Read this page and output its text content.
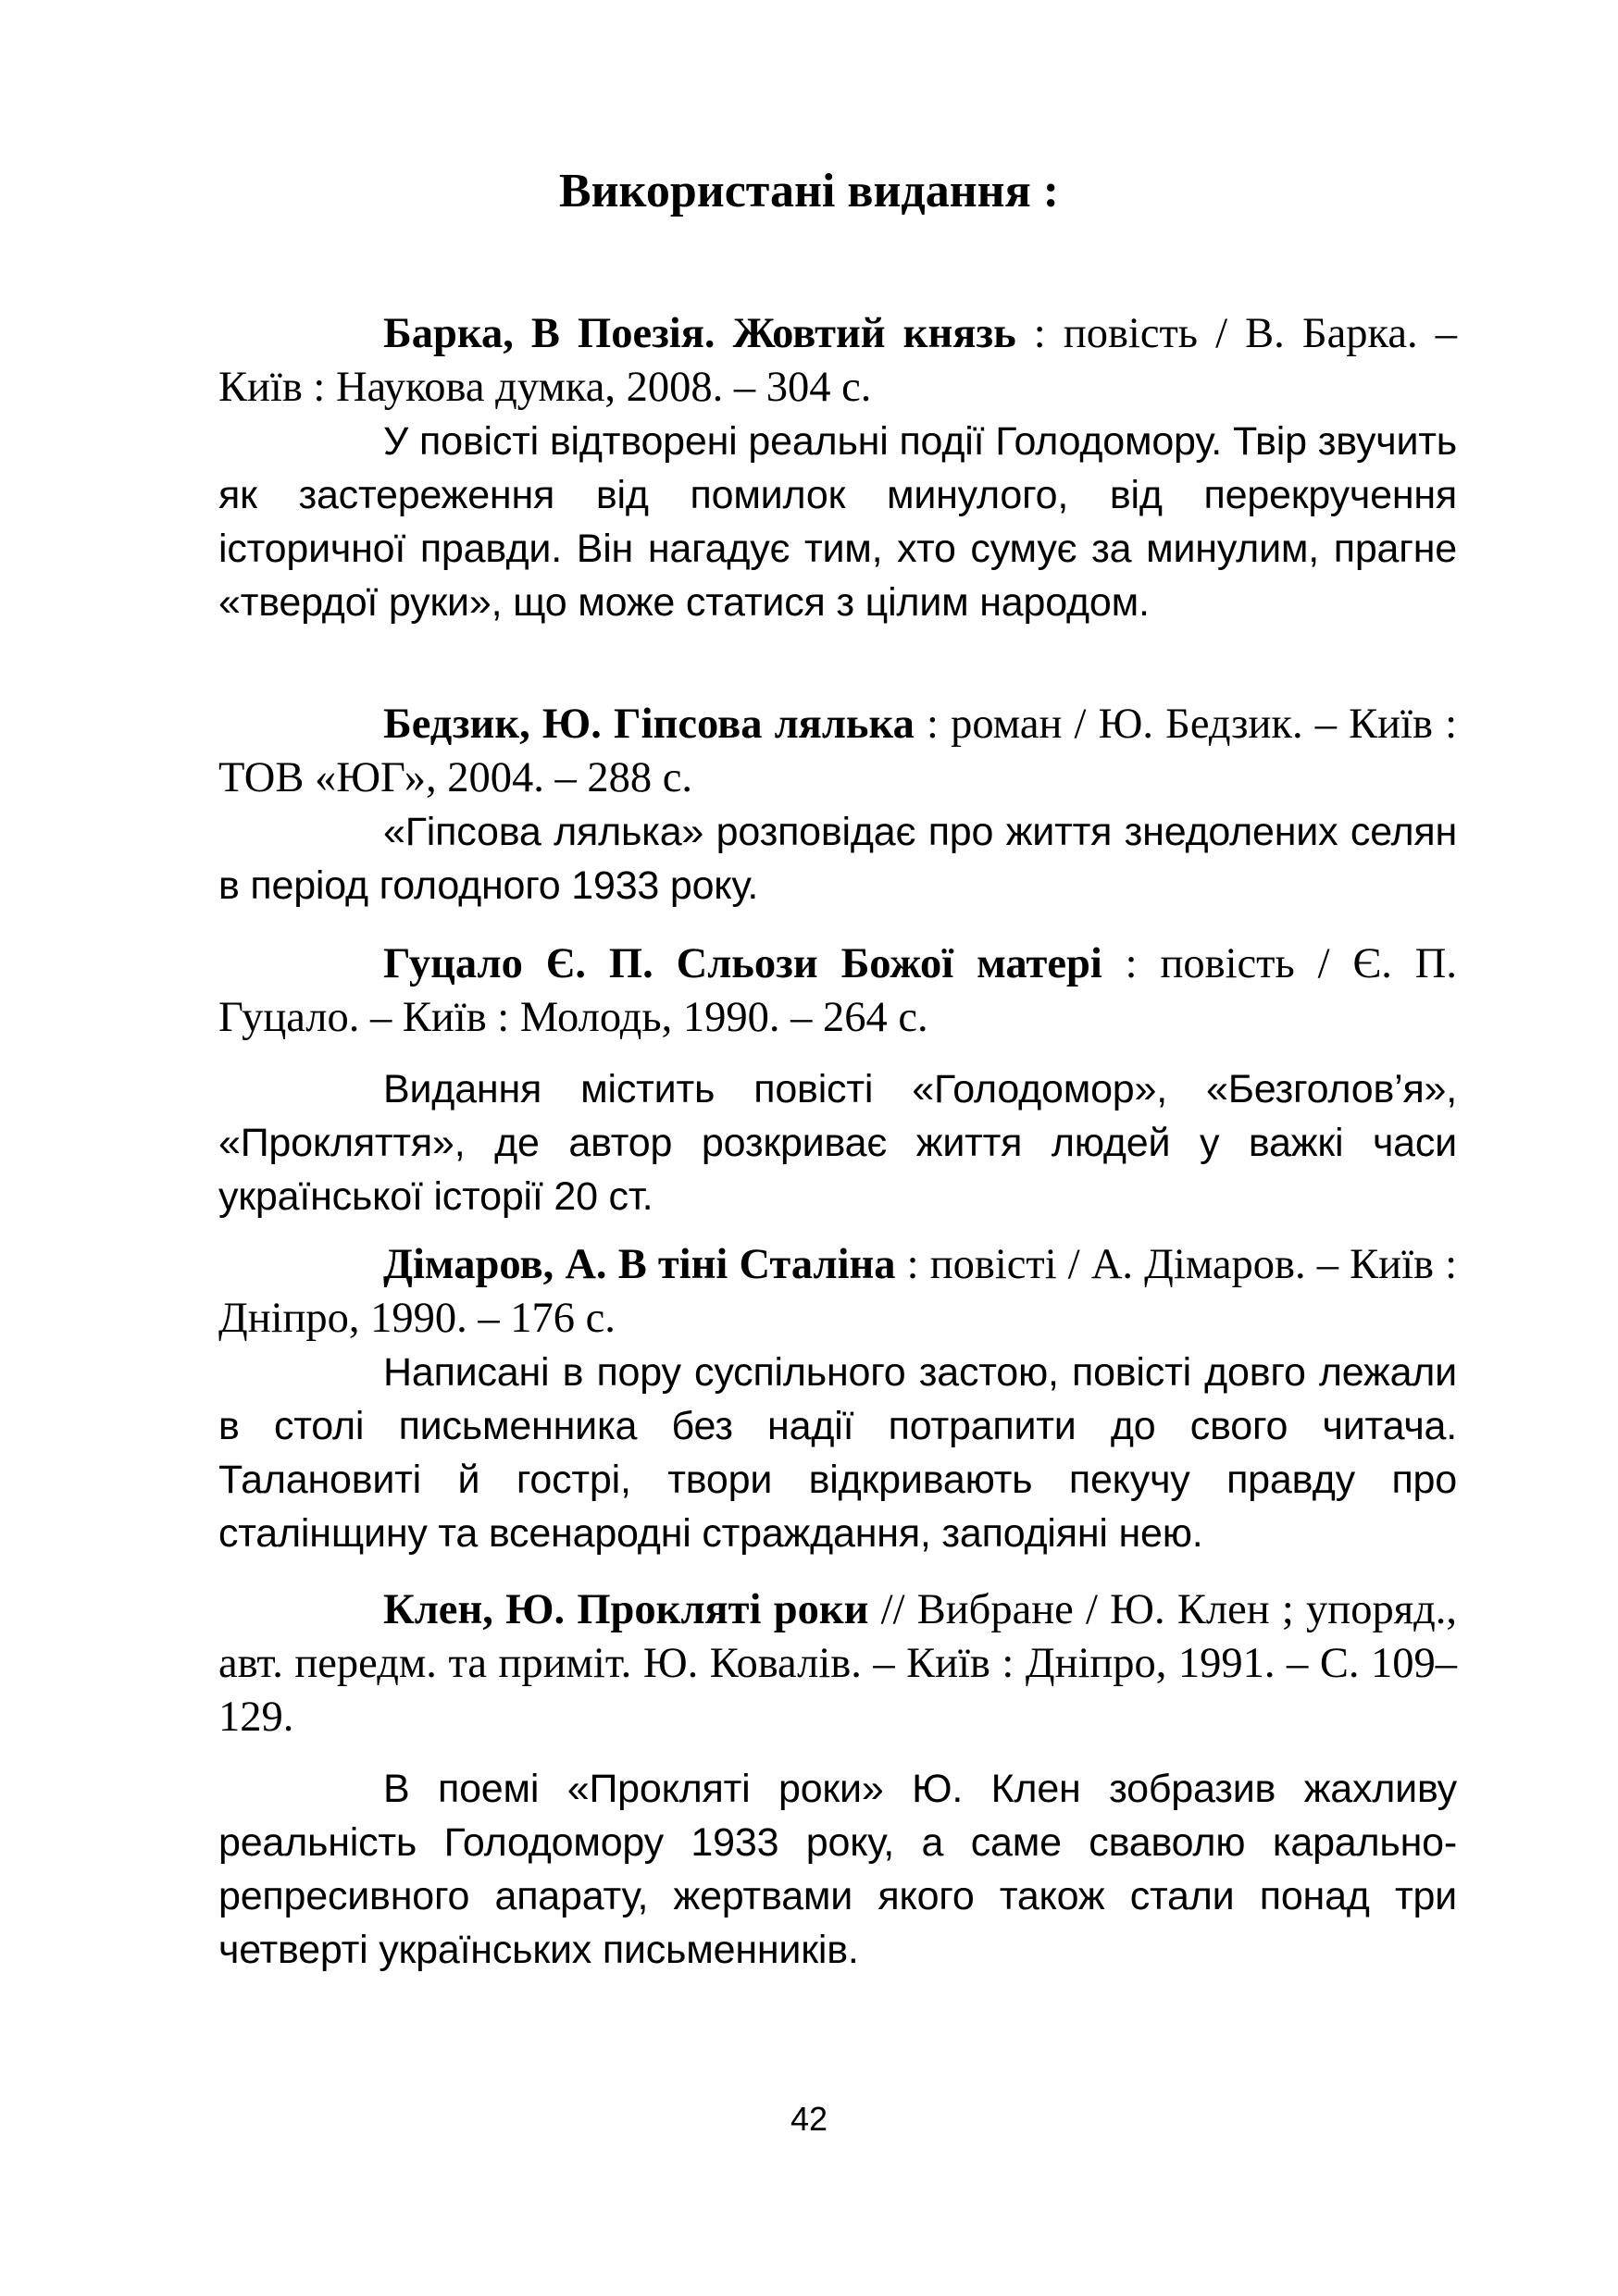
Використані видання :

Барка, В Поезія. Жовтий князь : повість / В. Барка. – Київ : Наукова думка, 2008. – 304 с.

У повісті відтворені реальні події Голодомору. Твір звучить як застереження від помилок минулого, від перекручення історичної правди. Він нагадує тим, хто сумує за минулим, прагне «твердої руки», що може статися з цілим народом.

Бедзик, Ю. Гіпсова лялька : роман / Ю. Бедзик. – Київ : ТОВ «ЮГ», 2004. – 288 с.

«Гіпсова лялька» розповідає про життя знедолених селян в період голодного 1933 року.

Гуцало Є. П. Сльози Божої матері : повість / Є. П. Гуцало. – Київ : Молодь, 1990. – 264 с.

Видання містить повісті «Голодомор», «Безголов’я», «Прокляття», де автор розкриває життя людей у важкі часи української історії 20 ст.

Дімаров, А. В тіні Сталіна : повісті / А. Дімаров. – Київ : Дніпро, 1990. – 176 с.

Написані в пору суспільного застою, повісті довго лежали в столі письменника без надії потрапити до свого читача. Талановиті й гострі, твори відкривають пекучу правду про сталінщину та всенародні страждання, заподіяні нею.

Клен, Ю. Прокляті роки // Вибране / Ю. Клен ; упоряд., авт. передм. та приміт. Ю. Ковалів. – Київ : Дніпро, 1991. – С. 109–129.

В поемі «Прокляті роки» Ю. Клен зобразив жахливу реальність Голодомору 1933 року, а саме сваволю карально-репресивного апарату, жертвами якого також стали понад три четверті українських письменників.

42
